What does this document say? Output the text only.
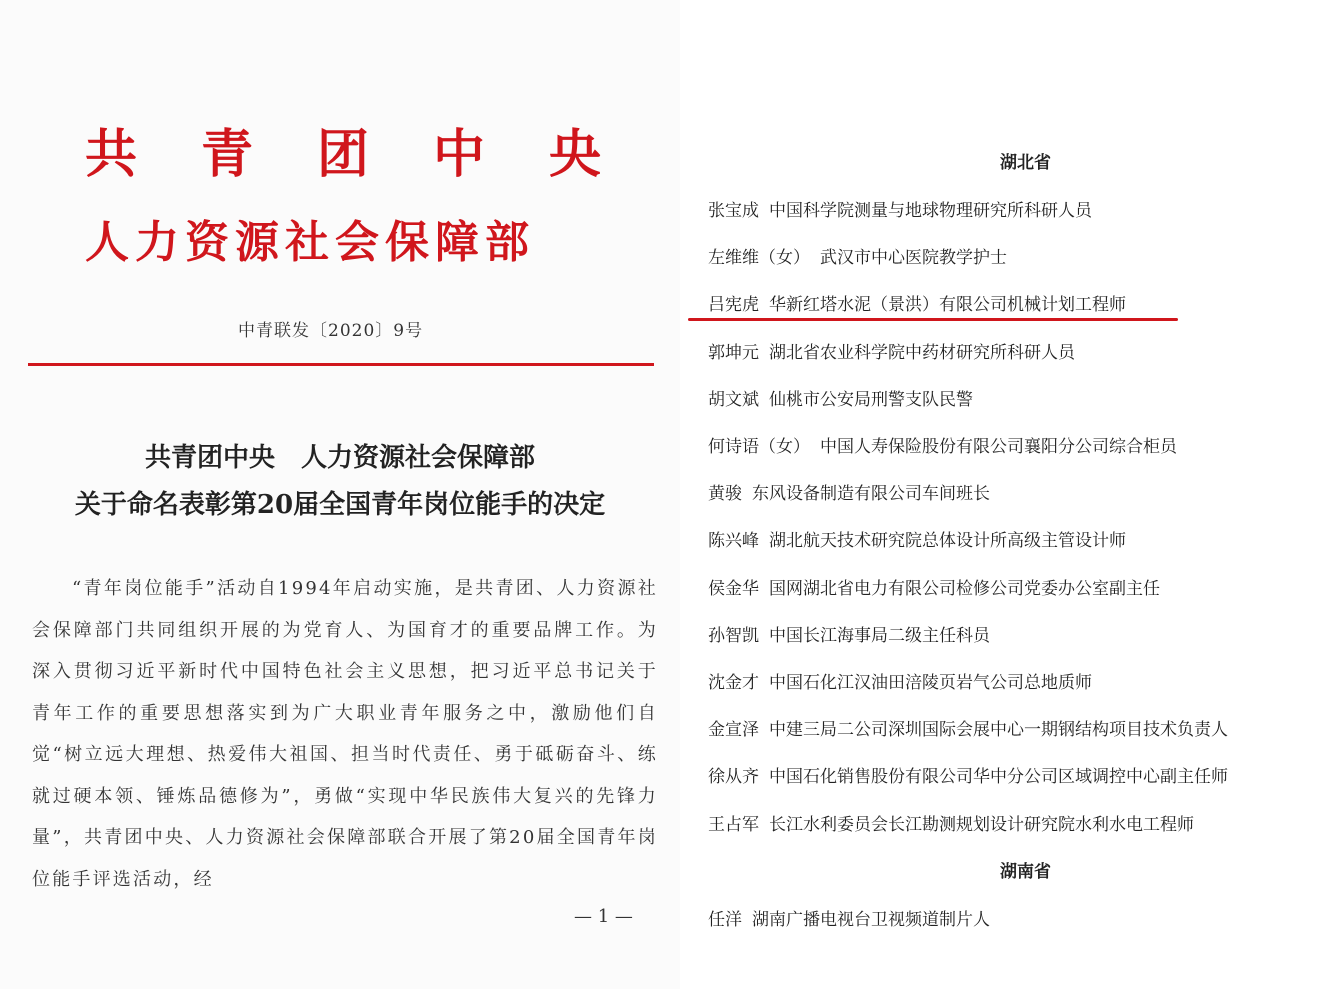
共青团中央
人力资源社会保障部
中青联发〔2020〕9号
共青团中央　人力资源社会保障部
关于命名表彰第20届全国青年岗位能手的决定
“青年岗位能手”活动自1994年启动实施，是共青团、人力资源社会保障部门共同组织开展的为党育人、为国育才的重要品牌工作。为深入贯彻习近平新时代中国特色社会主义思想，把习近平总书记关于青年工作的重要思想落实到为广大职业青年服务之中，激励他们自觉“树立远大理想、热爱伟大祖国、担当时代责任、勇于砥砺奋斗、练就过硬本领、锤炼品德修为”，勇做“实现中华民族伟大复兴的先锋力量”，共青团中央、人力资源社会保障部联合开展了第20届全国青年岗位能手评选活动，经
— 1 —
湖北省
张宝成 中国科学院测量与地球物理研究所科研人员
左维维（女） 武汉市中心医院教学护士
吕宪虎 华新红塔水泥（景洪）有限公司机械计划工程师
郭坤元 湖北省农业科学院中药材研究所科研人员
胡文斌 仙桃市公安局刑警支队民警
何诗语（女） 中国人寿保险股份有限公司襄阳分公司综合柜员
黄骏 东风设备制造有限公司车间班长
陈兴峰 湖北航天技术研究院总体设计所高级主管设计师
侯金华 国网湖北省电力有限公司检修公司党委办公室副主任
孙智凯 中国长江海事局二级主任科员
沈金才 中国石化江汉油田涪陵页岩气公司总地质师
金宣泽 中建三局二公司深圳国际会展中心一期钢结构项目技术负责人
徐从齐 中国石化销售股份有限公司华中分公司区域调控中心副主任师
王占军 长江水利委员会长江勘测规划设计研究院水利水电工程师
湖南省
任洋 湖南广播电视台卫视频道制片人
